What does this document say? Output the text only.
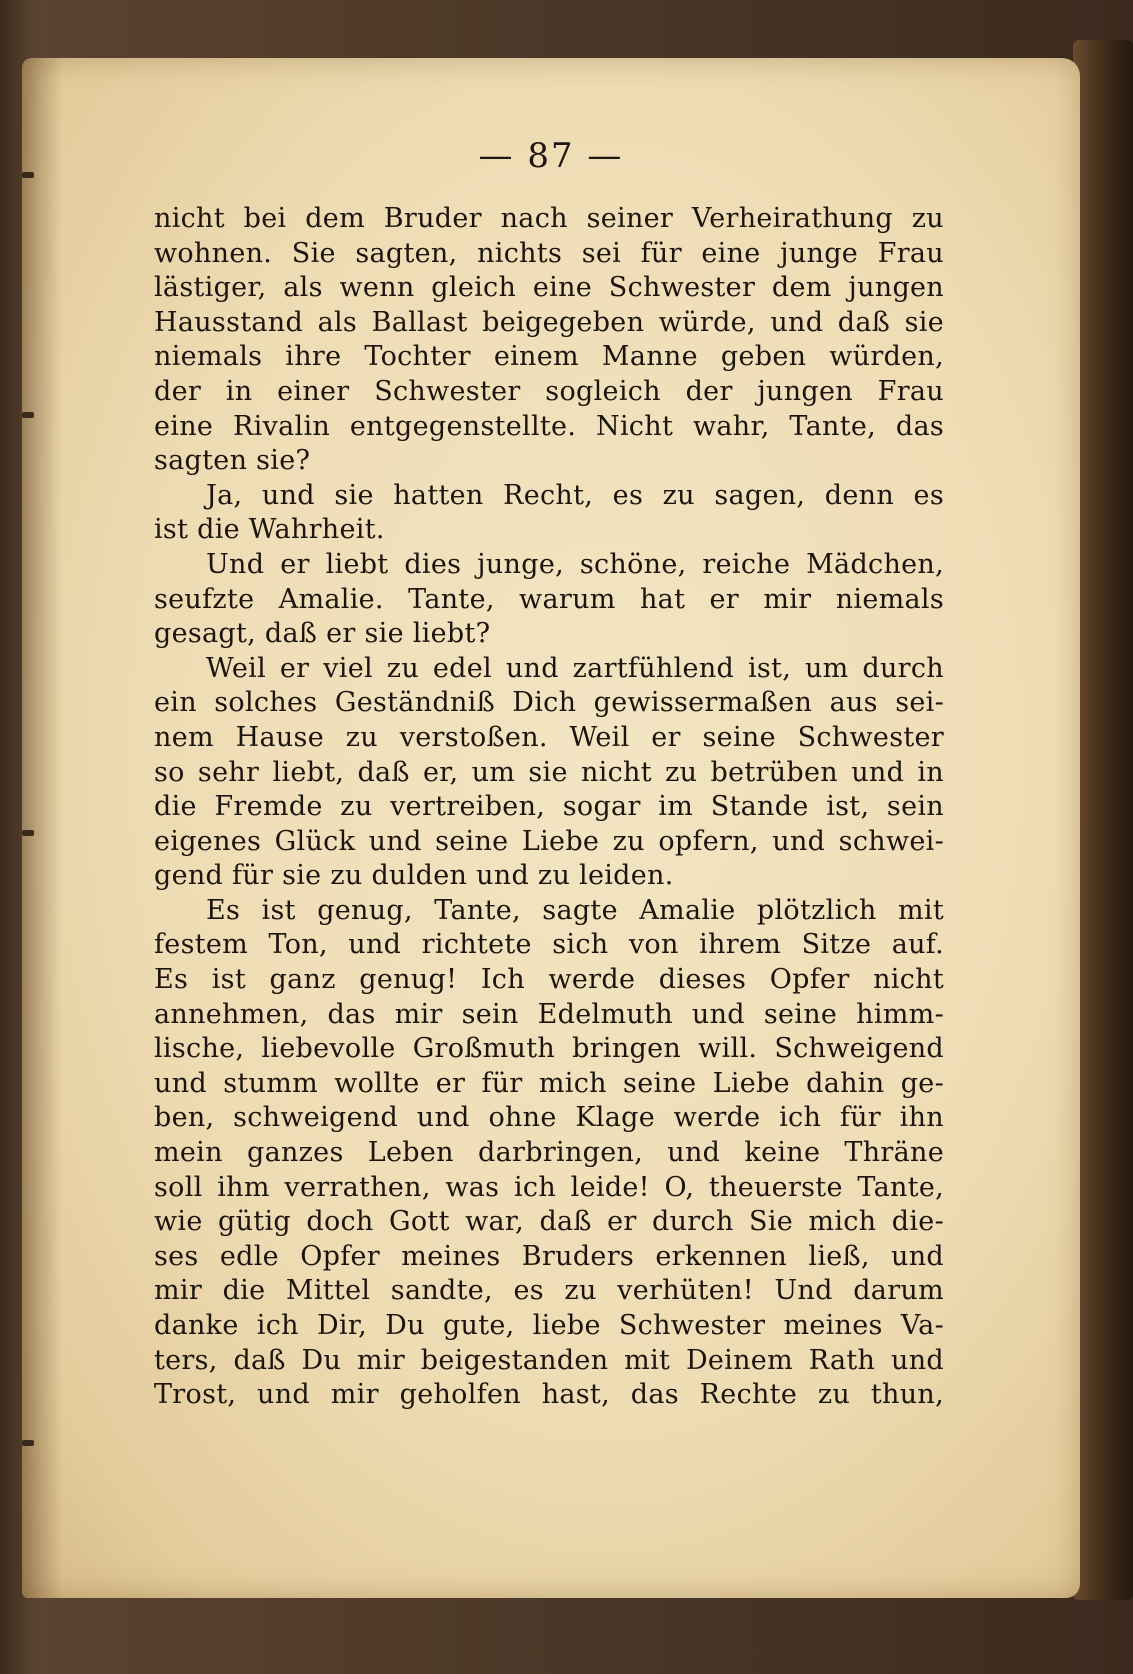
— 87 —
nicht bei dem Bruder nach seiner Verheirathung zu
wohnen. Sie sagten, nichts sei für eine junge Frau
lästiger, als wenn gleich eine Schwester dem jungen
Hausstand als Ballast beigegeben würde, und daß sie
niemals ihre Tochter einem Manne geben würden,
der in einer Schwester sogleich der jungen Frau
eine Rivalin entgegenstellte. Nicht wahr, Tante, das
sagten sie?
Ja, und sie hatten Recht, es zu sagen, denn es
ist die Wahrheit.
Und er liebt dies junge, schöne, reiche Mädchen,
seufzte Amalie. Tante, warum hat er mir niemals
gesagt, daß er sie liebt?
Weil er viel zu edel und zartfühlend ist, um durch
ein solches Geständniß Dich gewissermaßen aus sei-
nem Hause zu verstoßen. Weil er seine Schwester
so sehr liebt, daß er, um sie nicht zu betrüben und in
die Fremde zu vertreiben, sogar im Stande ist, sein
eigenes Glück und seine Liebe zu opfern, und schwei-
gend für sie zu dulden und zu leiden.
Es ist genug, Tante, sagte Amalie plötzlich mit
festem Ton, und richtete sich von ihrem Sitze auf.
Es ist ganz genug! Ich werde dieses Opfer nicht
annehmen, das mir sein Edelmuth und seine himm-
lische, liebevolle Großmuth bringen will. Schweigend
und stumm wollte er für mich seine Liebe dahin ge-
ben, schweigend und ohne Klage werde ich für ihn
mein ganzes Leben darbringen, und keine Thräne
soll ihm verrathen, was ich leide! O, theuerste Tante,
wie gütig doch Gott war, daß er durch Sie mich die-
ses edle Opfer meines Bruders erkennen ließ, und
mir die Mittel sandte, es zu verhüten! Und darum
danke ich Dir, Du gute, liebe Schwester meines Va-
ters, daß Du mir beigestanden mit Deinem Rath und
Trost, und mir geholfen hast, das Rechte zu thun,
